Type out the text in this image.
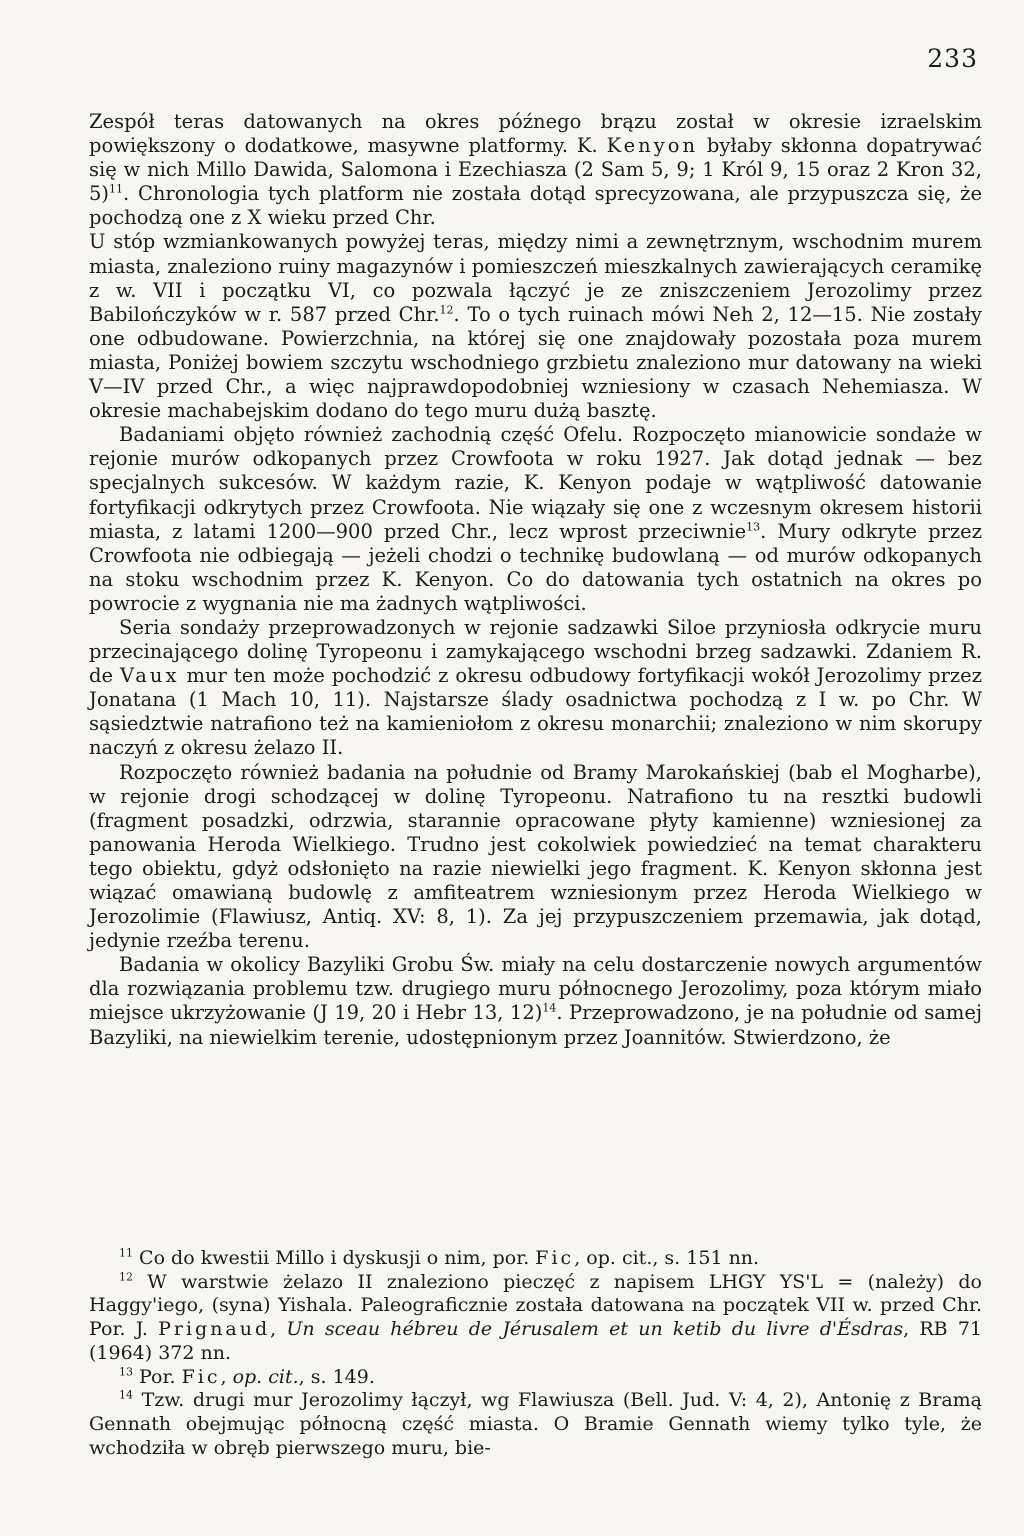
233

Zespół teras datowanych na okres późnego brązu został w okresie izraelskim powiększony o dodatkowe, masywne platformy. K. Kenyon byłaby skłonna dopatrywać się w nich Millo Dawida, Salomona i Ezechiasza (2 Sam 5, 9; 1 Król 9, 15 oraz 2 Kron 32, 5)$^{11}$. Chronologia tych platform nie została dotąd sprecyzowana, ale przypuszcza się, że pochodzą one z X wieku przed Chr.

U stóp wzmiankowanych powyżej teras, między nimi a zewnętrznym, wschodnim murem miasta, znaleziono ruiny magazynów i pomieszczeń mieszkalnych zawierających ceramikę z w. VII i początku VI, co pozwala łączyć je ze zniszczeniem Jerozolimy przez Babilończyków w r. 587 przed Chr.$^{12}$. To o tych ruinach mówi Neh 2, 12—15. Nie zostały one odbudowane. Powierzchnia, na której się one znajdowały pozostała poza murem miasta, Poniżej bowiem szczytu wschodniego grzbietu znaleziono mur datowany na wieki V—IV przed Chr., a więc najprawdopodobniej wzniesiony w czasach Nehemiasza. W okresie machabejskim dodano do tego muru dużą basztę.

Badaniami objęto również zachodnią część Ofelu. Rozpoczęto mianowicie sondaże w rejonie murów odkopanych przez Crowfoota w roku 1927. Jak dotąd jednak — bez specjalnych sukcesów. W każdym razie, K. Kenyon podaje w wątpliwość datowanie fortyfikacji odkrytych przez Crowfoota. Nie wiązały się one z wczesnym okresem historii miasta, z latami 1200—900 przed Chr., lecz wprost przeciwnie$^{13}$. Mury odkryte przez Crowfoota nie odbiegają — jeżeli chodzi o technikę budowlaną — od murów odkopanych na stoku wschodnim przez K. Kenyon. Co do datowania tych ostatnich na okres po powrocie z wygnania nie ma żadnych wątpliwości.

Seria sondaży przeprowadzonych w rejonie sadzawki Siloe przyniosła odkrycie muru przecinającego dolinę Tyropeonu i zamykającego wschodni brzeg sadzawki. Zdaniem R. de Vaux mur ten może pochodzić z okresu odbudowy fortyfikacji wokół Jerozolimy przez Jonatana (1 Mach 10, 11). Najstarsze ślady osadnictwa pochodzą z I w. po Chr. W sąsiedztwie natrafiono też na kamieniołom z okresu monarchii; znaleziono w nim skorupy naczyń z okresu żelazo II.

Rozpoczęto również badania na południe od Bramy Marokańskiej (bab el Mogharbe), w rejonie drogi schodzącej w dolinę Tyropeonu. Natrafiono tu na resztki budowli (fragment posadzki, odrzwia, starannie opracowane płyty kamienne) wzniesionej za panowania Heroda Wielkiego. Trudno jest cokolwiek powiedzieć na temat charakteru tego obiektu, gdyż odsłonięto na razie niewielki jego fragment. K. Kenyon skłonna jest wiązać omawianą budowlę z amfiteatrem wzniesionym przez Heroda Wielkiego w Jerozolimie (Flawiusz, Antiq. XV: 8, 1). Za jej przypuszczeniem przemawia, jak dotąd, jedynie rzeźba terenu.

Badania w okolicy Bazyliki Grobu Św. miały na celu dostarczenie nowych argumentów dla rozwiązania problemu tzw. drugiego muru północnego Jerozolimy, poza którym miało miejsce ukrzyżowanie (J 19, 20 i Hebr 13, 12)$^{14}$. Przeprowadzono, je na południe od samej Bazyliki, na niewielkim terenie, udostępnionym przez Joannitów. Stwierdzono, że

$^{11}$ Co do kwestii Millo i dyskusji o nim, por. Fic, op. cit., s. 151 nn.

$^{12}$ W warstwie żelazo II znaleziono pieczęć z napisem LHGY YS'L = (należy) do Haggy'iego, (syna) Yishala. Paleograficznie została datowana na początek VII w. przed Chr. Por. J. Prignaud, Un sceau hébreu de Jérusalem et un ketib du livre d'Ésdras, RB 71 (1964) 372 nn.

$^{13}$ Por. Fic, op. cit., s. 149.

$^{14}$ Tzw. drugi mur Jerozolimy łączył, wg Flawiusza (Bell. Jud. V: 4, 2), Antonię z Bramą Gennath obejmując północną część miasta. O Bramie Gennath wiemy tylko tyle, że wchodziła w obręb pierwszego muru, bie-
